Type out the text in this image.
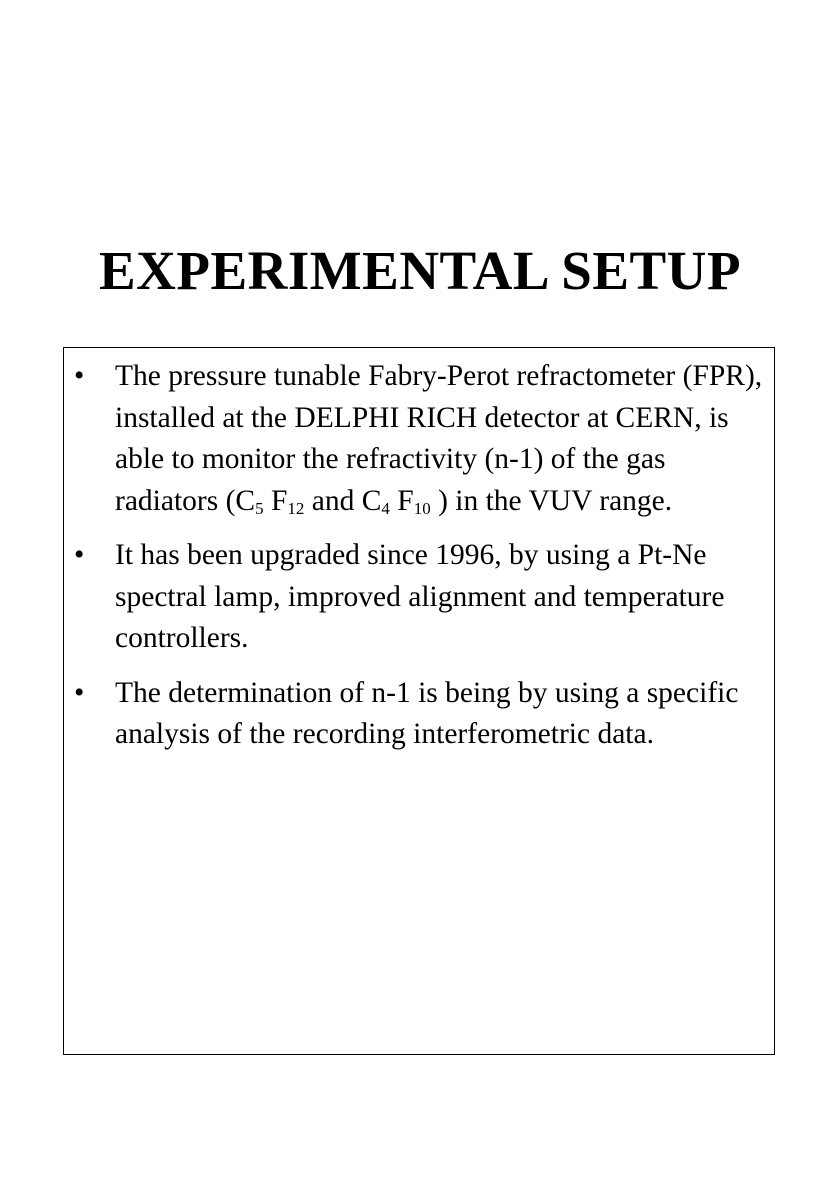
EXPERIMENTAL SETUP
•	The pressure tunable Fabry-Perot refractometer (FPR), installed at the DELPHI RICH detector at CERN, is able to monitor the refractivity (n-1) of the gas radiators ($C_5$ $F_{12}$ and $C_4$ $F_{10}$ ) in the VUV range.
•	It has been upgraded since 1996, by using a Pt-Ne spectral lamp, improved alignment and temperature controllers.
•	The determination of n-1 is being by using a specific analysis of the recording interferometric data.
